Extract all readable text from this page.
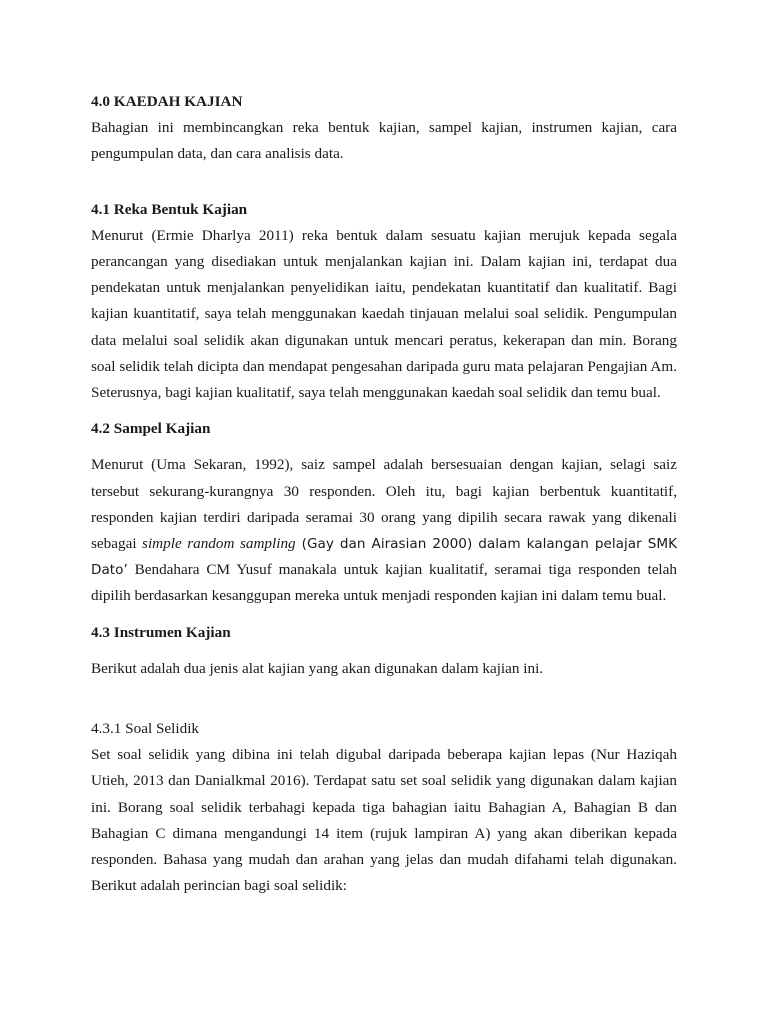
4.0 KAEDAH KAJIAN

Bahagian ini membincangkan reka bentuk kajian, sampel kajian, instrumen kajian, cara pengumpulan data, dan cara analisis data.

4.1 Reka Bentuk Kajian

Menurut (Ermie Dharlya 2011) reka bentuk dalam sesuatu kajian merujuk kepada segala perancangan yang disediakan untuk menjalankan kajian ini. Dalam kajian ini, terdapat dua pendekatan untuk menjalankan penyelidikan iaitu, pendekatan kuantitatif dan kualitatif. Bagi kajian kuantitatif, saya telah menggunakan kaedah tinjauan melalui soal selidik. Pengumpulan data melalui soal selidik akan digunakan untuk mencari peratus, kekerapan dan min. Borang soal selidik telah dicipta dan mendapat pengesahan daripada guru mata pelajaran Pengajian Am. Seterusnya, bagi kajian kualitatif, saya telah menggunakan kaedah soal selidik dan temu bual.

4.2 Sampel Kajian

Menurut (Uma Sekaran, 1992), saiz sampel adalah bersesuaian dengan kajian, selagi saiz tersebut sekurang-kurangnya 30 responden. Oleh itu, bagi kajian berbentuk kuantitatif, responden kajian terdiri daripada seramai 30 orang yang dipilih secara rawak yang dikenali sebagai simple random sampling (Gay dan Airasian 2000) dalam kalangan pelajar SMK Dato’ Bendahara CM Yusuf manakala untuk kajian kualitatif, seramai tiga responden telah dipilih berdasarkan kesanggupan mereka untuk menjadi responden kajian ini dalam temu bual.

4.3 Instrumen Kajian

Berikut adalah dua jenis alat kajian yang akan digunakan dalam kajian ini.

4.3.1 Soal Selidik

Set soal selidik yang dibina ini telah digubal daripada beberapa kajian lepas (Nur Haziqah Utieh, 2013 dan Danialkmal 2016). Terdapat satu set soal selidik yang digunakan dalam kajian ini. Borang soal selidik terbahagi kepada tiga bahagian iaitu Bahagian A, Bahagian B dan Bahagian C dimana mengandungi 14 item (rujuk lampiran A) yang akan diberikan kepada responden. Bahasa yang mudah dan arahan yang jelas dan mudah difahami telah digunakan. Berikut adalah perincian bagi soal selidik:
